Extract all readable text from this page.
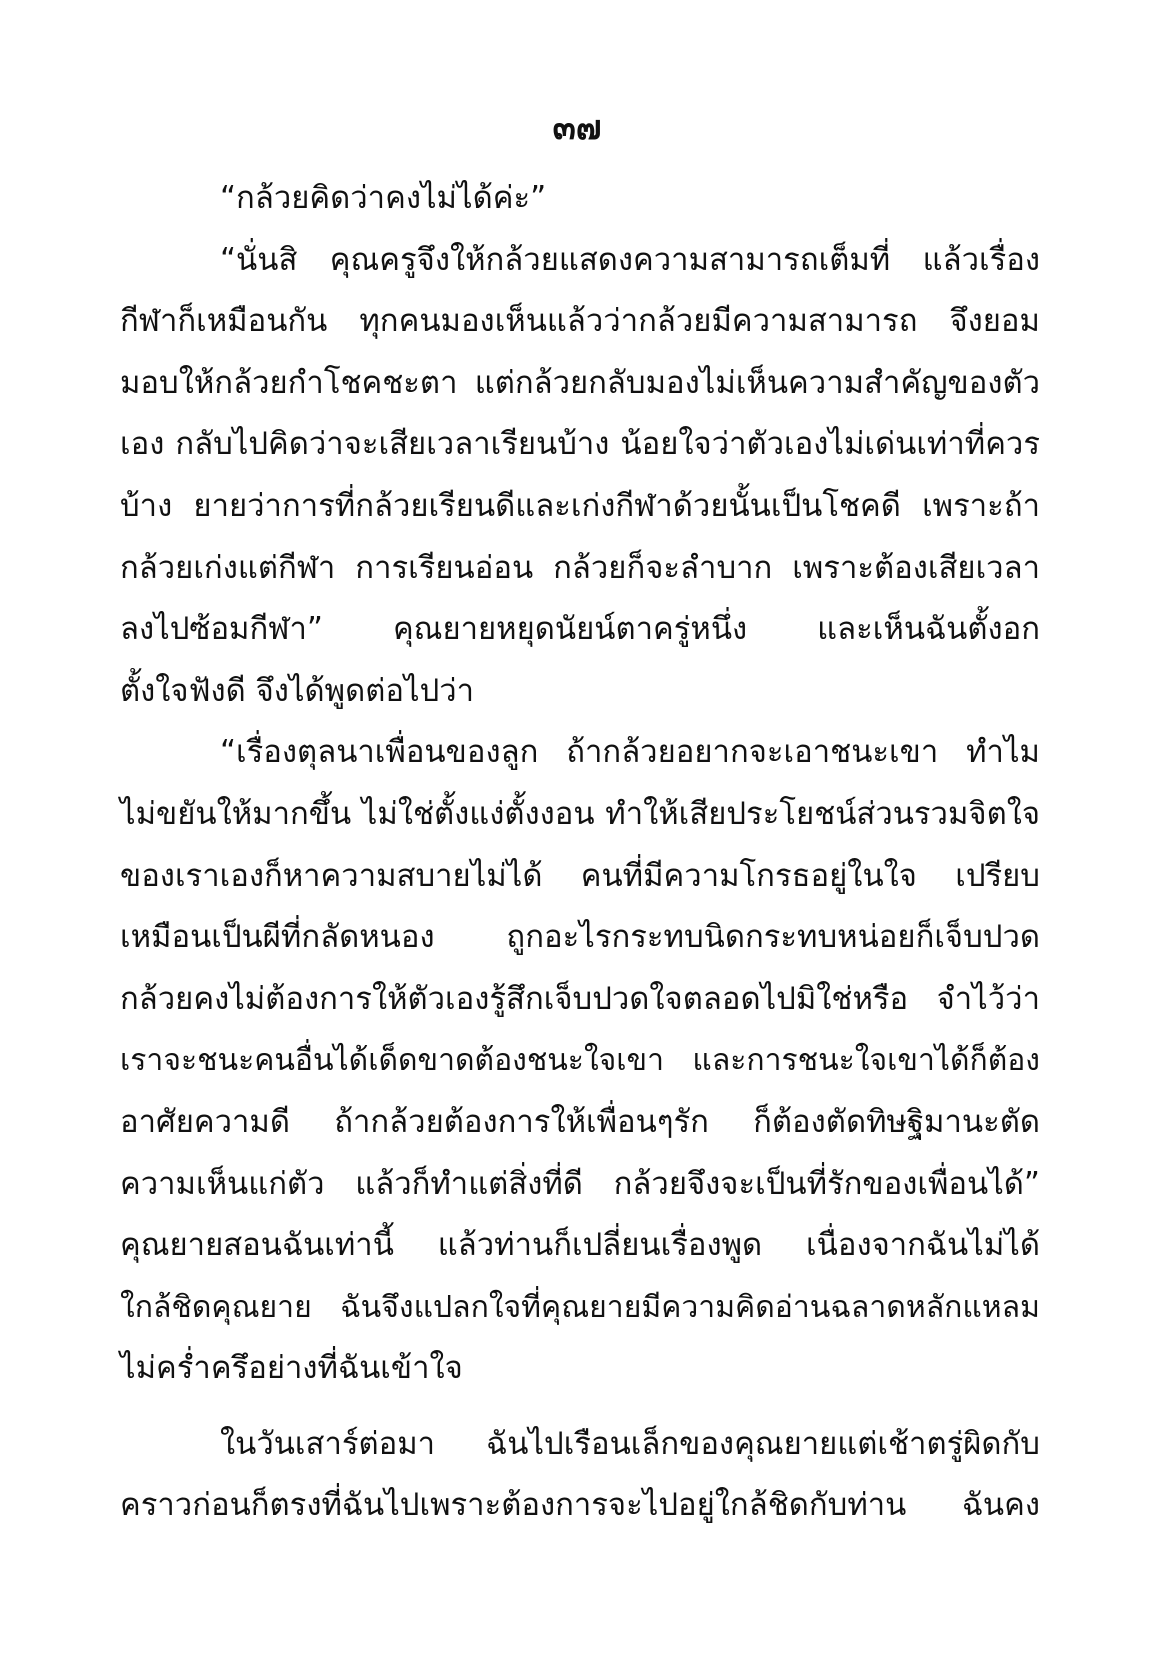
๓๗
“กล้วยคิดว่าคงไม่ได้ค่ะ”
“นั่นสิ คุณครูจึงให้กล้วยแสดงความสามารถเต็มที่ แล้วเรื่อง
กีฬาก็เหมือนกัน ทุกคนมองเห็นแล้วว่ากล้วยมีความสามารถ จึงยอม
มอบให้กล้วยกำโชคชะตา แต่กล้วยกลับมองไม่เห็นความสำคัญของตัว
เอง กลับไปคิดว่าจะเสียเวลาเรียนบ้าง น้อยใจว่าตัวเองไม่เด่นเท่าที่ควร
บ้าง ยายว่าการที่กล้วยเรียนดีและเก่งกีฬาด้วยนั้นเป็นโชคดี เพราะถ้า
กล้วยเก่งแต่กีฬา การเรียนอ่อน กล้วยก็จะลำบาก เพราะต้องเสียเวลา
ลงไปซ้อมกีฬา” คุณยายหยุดนัยน์ตาครู่หนึ่ง และเห็นฉันตั้งอก
ตั้งใจฟังดี จึงได้พูดต่อไปว่า
“เรื่องตุลนาเพื่อนของลูก ถ้ากล้วยอยากจะเอาชนะเขา ทำไม
ไม่ขยันให้มากขึ้น ไม่ใช่ตั้งแง่ตั้งงอน ทำให้เสียประโยชน์ส่วนรวมจิตใจ
ของเราเองก็หาความสบายไม่ได้ คนที่มีความโกรธอยู่ในใจ เปรียบ
เหมือนเป็นผีที่กลัดหนอง ถูกอะไรกระทบนิดกระทบหน่อยก็เจ็บปวด
กล้วยคงไม่ต้องการให้ตัวเองรู้สึกเจ็บปวดใจตลอดไปมิใช่หรือ จำไว้ว่า
เราจะชนะคนอื่นได้เด็ดขาดต้องชนะใจเขา และการชนะใจเขาได้ก็ต้อง
อาศัยความดี ถ้ากล้วยต้องการให้เพื่อนๆรัก ก็ต้องตัดทิษฐิมานะตัด
ความเห็นแก่ตัว แล้วก็ทำแต่สิ่งที่ดี กล้วยจึงจะเป็นที่รักของเพื่อนได้”
คุณยายสอนฉันเท่านี้ แล้วท่านก็เปลี่ยนเรื่องพูด เนื่องจากฉันไม่ได้
ใกล้ชิดคุณยาย ฉันจึงแปลกใจที่คุณยายมีความคิดอ่านฉลาดหลักแหลม
ไม่คร่ำครึอย่างที่ฉันเข้าใจ
ในวันเสาร์ต่อมา ฉันไปเรือนเล็กของคุณยายแต่เช้าตรู่ผิดกับ
คราวก่อนก็ตรงที่ฉันไปเพราะต้องการจะไปอยู่ใกล้ชิดกับท่าน ฉันคง
